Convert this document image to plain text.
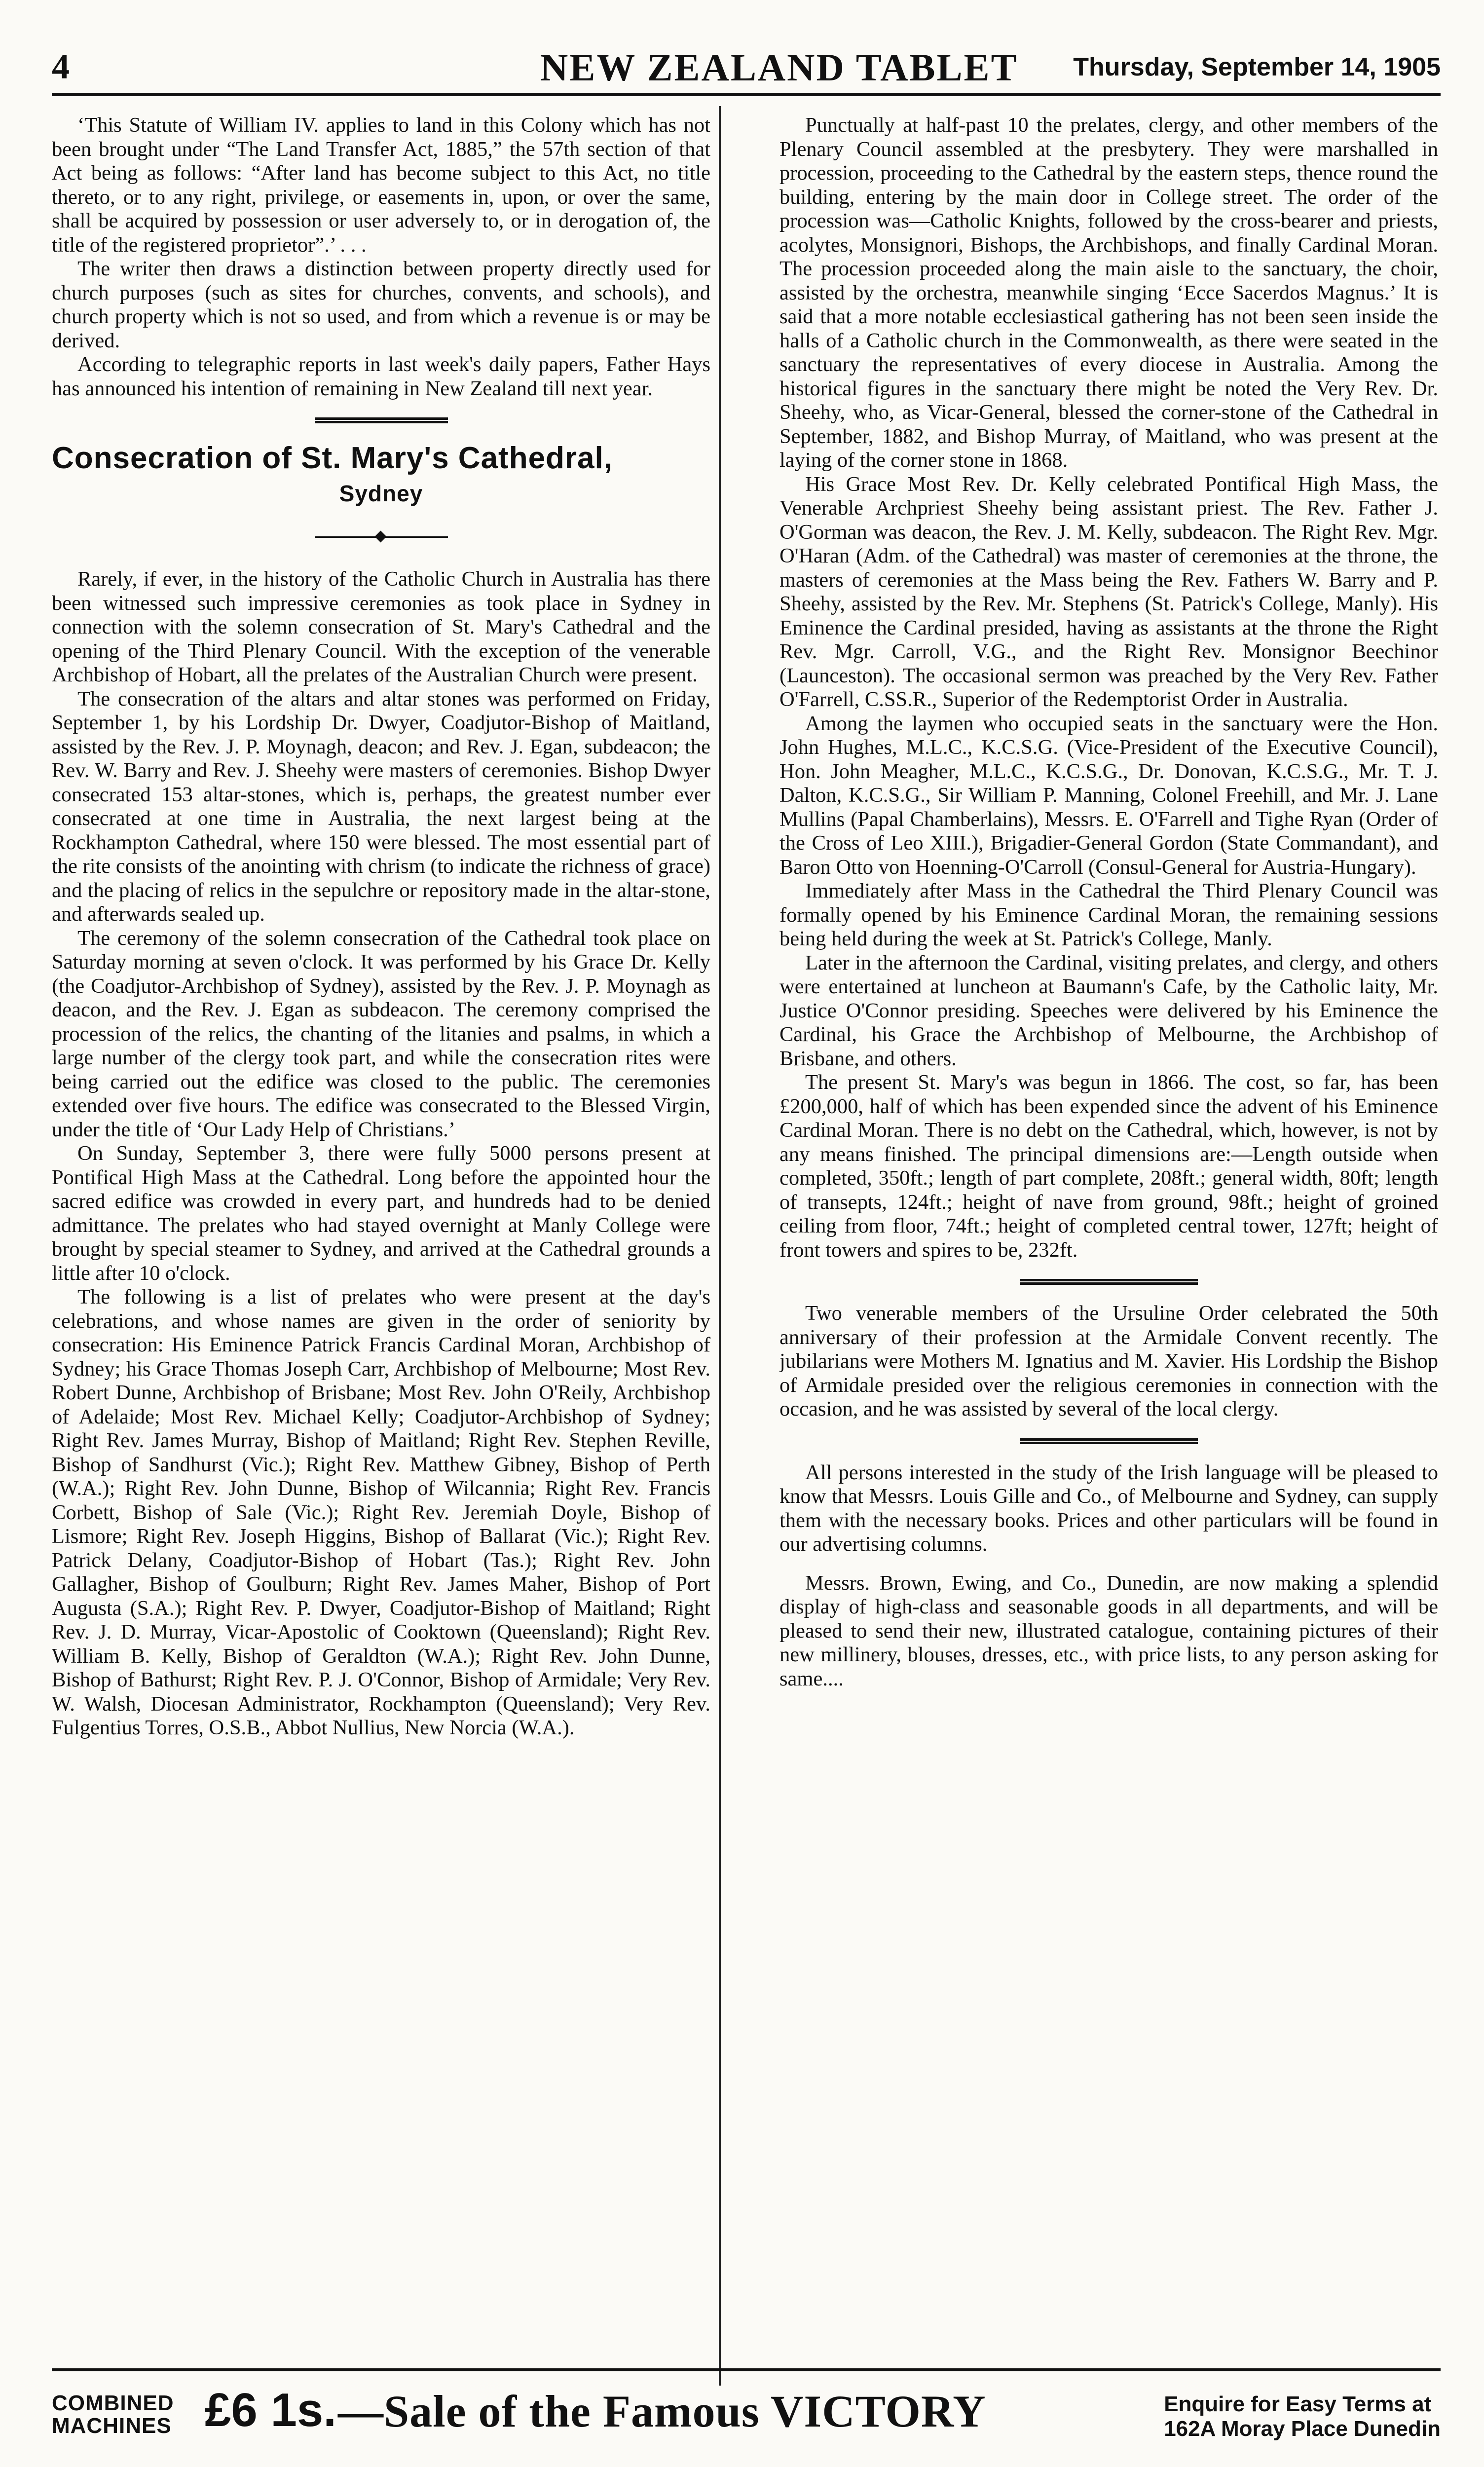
4	NEW ZEALAND TABLET Thursday, September 14, 1905

‘This Statute of William IV. applies to land in this Colony which has not been brought under “The Land Transfer Act, 1885,” the 57th section of that Act being as follows: “After land has become subject to this Act, no title thereto, or to any right, privilege, or easements in, upon, or over the same, shall be acquired by possession or user adversely to, or in derogation of, the title of the registered proprietor”.’ . . .

The writer then draws a distinction between property directly used for church purposes (such as sites for churches, convents, and schools), and church property which is not so used, and from which a revenue is or may be derived.

According to telegraphic reports in last week's daily papers, Father Hays has announced his intention of remaining in New Zealand till next year.

Consecration of St. Mary's Cathedral,
Sydney

Rarely, if ever, in the history of the Catholic Church in Australia has there been witnessed such impressive ceremonies as took place in Sydney in connection with the solemn consecration of St. Mary's Cathedral and the opening of the Third Plenary Council. With the exception of the venerable Archbishop of Hobart, all the prelates of the Australian Church were present.

The consecration of the altars and altar stones was performed on Friday, September 1, by his Lordship Dr. Dwyer, Coadjutor-Bishop of Maitland, assisted by the Rev. J. P. Moynagh, deacon; and Rev. J. Egan, subdeacon; the Rev. W. Barry and Rev. J. Sheehy were masters of ceremonies. Bishop Dwyer consecrated 153 altar-stones, which is, perhaps, the greatest number ever consecrated at one time in Australia, the next largest being at the Rockhampton Cathedral, where 150 were blessed. The most essential part of the rite consists of the anointing with chrism (to indicate the richness of grace) and the placing of relics in the sepulchre or repository made in the altar-stone, and afterwards sealed up.

The ceremony of the solemn consecration of the Cathedral took place on Saturday morning at seven o'clock. It was performed by his Grace Dr. Kelly (the Coadjutor-Archbishop of Sydney), assisted by the Rev. J. P. Moynagh as deacon, and the Rev. J. Egan as subdeacon. The ceremony comprised the procession of the relics, the chanting of the litanies and psalms, in which a large number of the clergy took part, and while the consecration rites were being carried out the edifice was closed to the public. The ceremonies extended over five hours. The edifice was consecrated to the Blessed Virgin, under the title of ‘Our Lady Help of Christians.’

On Sunday, September 3, there were fully 5000 persons present at Pontifical High Mass at the Cathedral. Long before the appointed hour the sacred edifice was crowded in every part, and hundreds had to be denied admittance. The prelates who had stayed overnight at Manly College were brought by special steamer to Sydney, and arrived at the Cathedral grounds a little after 10 o'clock.

The following is a list of prelates who were present at the day's celebrations, and whose names are given in the order of seniority by consecration: His Eminence Patrick Francis Cardinal Moran, Archbishop of Sydney; his Grace Thomas Joseph Carr, Archbishop of Melbourne; Most Rev. Robert Dunne, Archbishop of Brisbane; Most Rev. John O'Reily, Archbishop of Adelaide; Most Rev. Michael Kelly; Coadjutor-Archbishop of Sydney; Right Rev. James Murray, Bishop of Maitland; Right Rev. Stephen Reville, Bishop of Sandhurst (Vic.); Right Rev. Matthew Gibney, Bishop of Perth (W.A.); Right Rev. John Dunne, Bishop of Wilcannia; Right Rev. Francis Corbett, Bishop of Sale (Vic.); Right Rev. Jeremiah Doyle, Bishop of Lismore; Right Rev. Joseph Higgins, Bishop of Ballarat (Vic.); Right Rev. Patrick Delany, Coadjutor-Bishop of Hobart (Tas.); Right Rev. John Gallagher, Bishop of Goulburn; Right Rev. James Maher, Bishop of Port Augusta (S.A.); Right Rev. P. Dwyer, Coadjutor-Bishop of Maitland; Right Rev. J. D. Murray, Vicar-Apostolic of Cooktown (Queensland); Right Rev. William B. Kelly, Bishop of Geraldton (W.A.); Right Rev. John Dunne, Bishop of Bathurst; Right Rev. P. J. O'Connor, Bishop of Armidale; Very Rev. W. Walsh, Diocesan Administrator, Rockhampton (Queensland); Very Rev. Fulgentius Torres, O.S.B., Abbot Nullius, New Norcia (W.A.).

Punctually at half-past 10 the prelates, clergy, and other members of the Plenary Council assembled at the presbytery. They were marshalled in procession, proceeding to the Cathedral by the eastern steps, thence round the building, entering by the main door in College street. The order of the procession was—Catholic Knights, followed by the cross-bearer and priests, acolytes, Monsignori, Bishops, the Archbishops, and finally Cardinal Moran. The procession proceeded along the main aisle to the sanctuary, the choir, assisted by the orchestra, meanwhile singing ‘Ecce Sacerdos Magnus.’ It is said that a more notable ecclesiastical gathering has not been seen inside the halls of a Catholic church in the Commonwealth, as there were seated in the sanctuary the representatives of every diocese in Australia. Among the historical figures in the sanctuary there might be noted the Very Rev. Dr. Sheehy, who, as Vicar-General, blessed the corner-stone of the Cathedral in September, 1882, and Bishop Murray, of Maitland, who was present at the laying of the corner stone in 1868.

His Grace Most Rev. Dr. Kelly celebrated Pontifical High Mass, the Venerable Archpriest Sheehy being assistant priest. The Rev. Father J. O'Gorman was deacon, the Rev. J. M. Kelly, subdeacon. The Right Rev. Mgr. O'Haran (Adm. of the Cathedral) was master of ceremonies at the throne, the masters of ceremonies at the Mass being the Rev. Fathers W. Barry and P. Sheehy, assisted by the Rev. Mr. Stephens (St. Patrick's College, Manly). His Eminence the Cardinal presided, having as assistants at the throne the Right Rev. Mgr. Carroll, V.G., and the Right Rev. Monsignor Beechinor (Launceston). The occasional sermon was preached by the Very Rev. Father O'Farrell, C.SS.R., Superior of the Redemptorist Order in Australia.

Among the laymen who occupied seats in the sanctuary were the Hon. John Hughes, M.L.C., K.C.S.G. (Vice-President of the Executive Council), Hon. John Meagher, M.L.C., K.C.S.G., Dr. Donovan, K.C.S.G., Mr. T. J. Dalton, K.C.S.G., Sir William P. Manning, Colonel Freehill, and Mr. J. Lane Mullins (Papal Chamberlains), Messrs. E. O'Farrell and Tighe Ryan (Order of the Cross of Leo XIII.), Brigadier-General Gordon (State Commandant), and Baron Otto von Hoenning-O'Carroll (Consul-General for Austria-Hungary).

Immediately after Mass in the Cathedral the Third Plenary Council was formally opened by his Eminence Cardinal Moran, the remaining sessions being held during the week at St. Patrick's College, Manly.

Later in the afternoon the Cardinal, visiting prelates, and clergy, and others were entertained at luncheon at Baumann's Cafe, by the Catholic laity, Mr. Justice O'Connor presiding. Speeches were delivered by his Eminence the Cardinal, his Grace the Archbishop of Melbourne, the Archbishop of Brisbane, and others.

The present St. Mary's was begun in 1866. The cost, so far, has been £200,000, half of which has been expended since the advent of his Eminence Cardinal Moran. There is no debt on the Cathedral, which, however, is not by any means finished. The principal dimensions are:—Length outside when completed, 350ft.; length of part complete, 208ft.; general width, 80ft; length of transepts, 124ft.; height of nave from ground, 98ft.; height of groined ceiling from floor, 74ft.; height of completed central tower, 127ft; height of front towers and spires to be, 232ft.

Two venerable members of the Ursuline Order celebrated the 50th anniversary of their profession at the Armidale Convent recently. The jubilarians were Mothers M. Ignatius and M. Xavier. His Lordship the Bishop of Armidale presided over the religious ceremonies in connection with the occasion, and he was assisted by several of the local clergy.

All persons interested in the study of the Irish language will be pleased to know that Messrs. Louis Gille and Co., of Melbourne and Sydney, can supply them with the necessary books. Prices and other particulars will be found in our advertising columns.

Messrs. Brown, Ewing, and Co., Dunedin, are now making a splendid display of high-class and seasonable goods in all departments, and will be pleased to send their new, illustrated catalogue, containing pictures of their new millinery, blouses, dresses, etc., with price lists, to any person asking for same....

COMBINED
MACHINES £6 1s. —Sale of the Famous VICTORY	Enquire for Easy Terms at
162A Moray Place Dunedin
